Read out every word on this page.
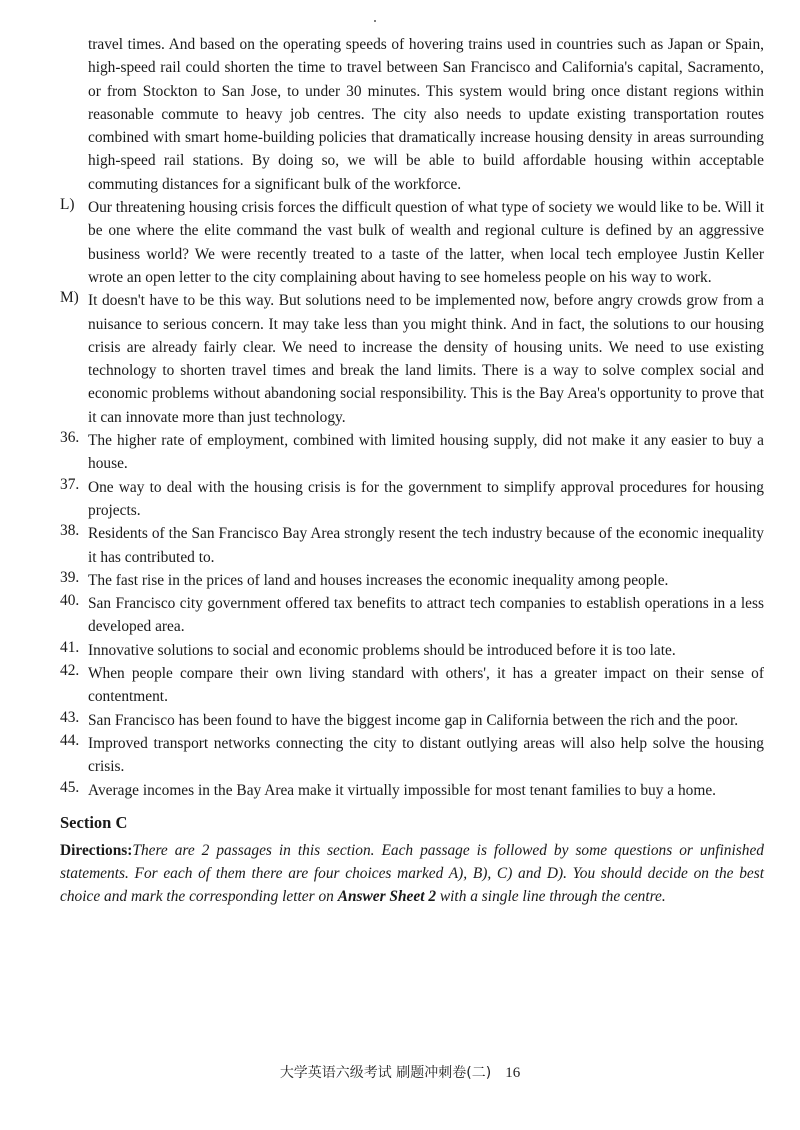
travel times. And based on the operating speeds of hovering trains used in countries such as Japan or Spain, high-speed rail could shorten the time to travel between San Francisco and California's capital, Sacramento, or from Stockton to San Jose, to under 30 minutes. This system would bring once distant regions within reasonable commute to heavy job centres. The city also needs to update existing transportation routes combined with smart home-building policies that dramatically increase housing density in areas surrounding high-speed rail stations. By doing so, we will be able to build affordable housing within acceptable commuting distances for a significant bulk of the workforce.

L) Our threatening housing crisis forces the difficult question of what type of society we would like to be. Will it be one where the elite command the vast bulk of wealth and regional culture is defined by an aggressive business world? We were recently treated to a taste of the latter, when local tech employee Justin Keller wrote an open letter to the city complaining about having to see homeless people on his way to work.

M) It doesn't have to be this way. But solutions need to be implemented now, before angry crowds grow from a nuisance to serious concern. It may take less than you might think. And in fact, the solutions to our housing crisis are already fairly clear. We need to increase the density of housing units. We need to use existing technology to shorten travel times and break the land limits. There is a way to solve complex social and economic problems without abandoning social responsibility. This is the Bay Area's opportunity to prove that it can innovate more than just technology.

36. The higher rate of employment, combined with limited housing supply, did not make it any easier to buy a house.

37. One way to deal with the housing crisis is for the government to simplify approval procedures for housing projects.

38. Residents of the San Francisco Bay Area strongly resent the tech industry because of the economic inequality it has contributed to.

39. The fast rise in the prices of land and houses increases the economic inequality among people.

40. San Francisco city government offered tax benefits to attract tech companies to establish operations in a less developed area.

41. Innovative solutions to social and economic problems should be introduced before it is too late.

42. When people compare their own living standard with others', it has a greater impact on their sense of contentment.

43. San Francisco has been found to have the biggest income gap in California between the rich and the poor.

44. Improved transport networks connecting the city to distant outlying areas will also help solve the housing crisis.

45. Average incomes in the Bay Area make it virtually impossible for most tenant families to buy a home.

Section C

Directions:There are 2 passages in this section. Each passage is followed by some questions or unfinished statements. For each of them there are four choices marked A), B), C) and D). You should decide on the best choice and mark the corresponding letter on Answer Sheet 2 with a single line through the centre.

大学英语六级考试 刷题冲刺卷(二) 16
